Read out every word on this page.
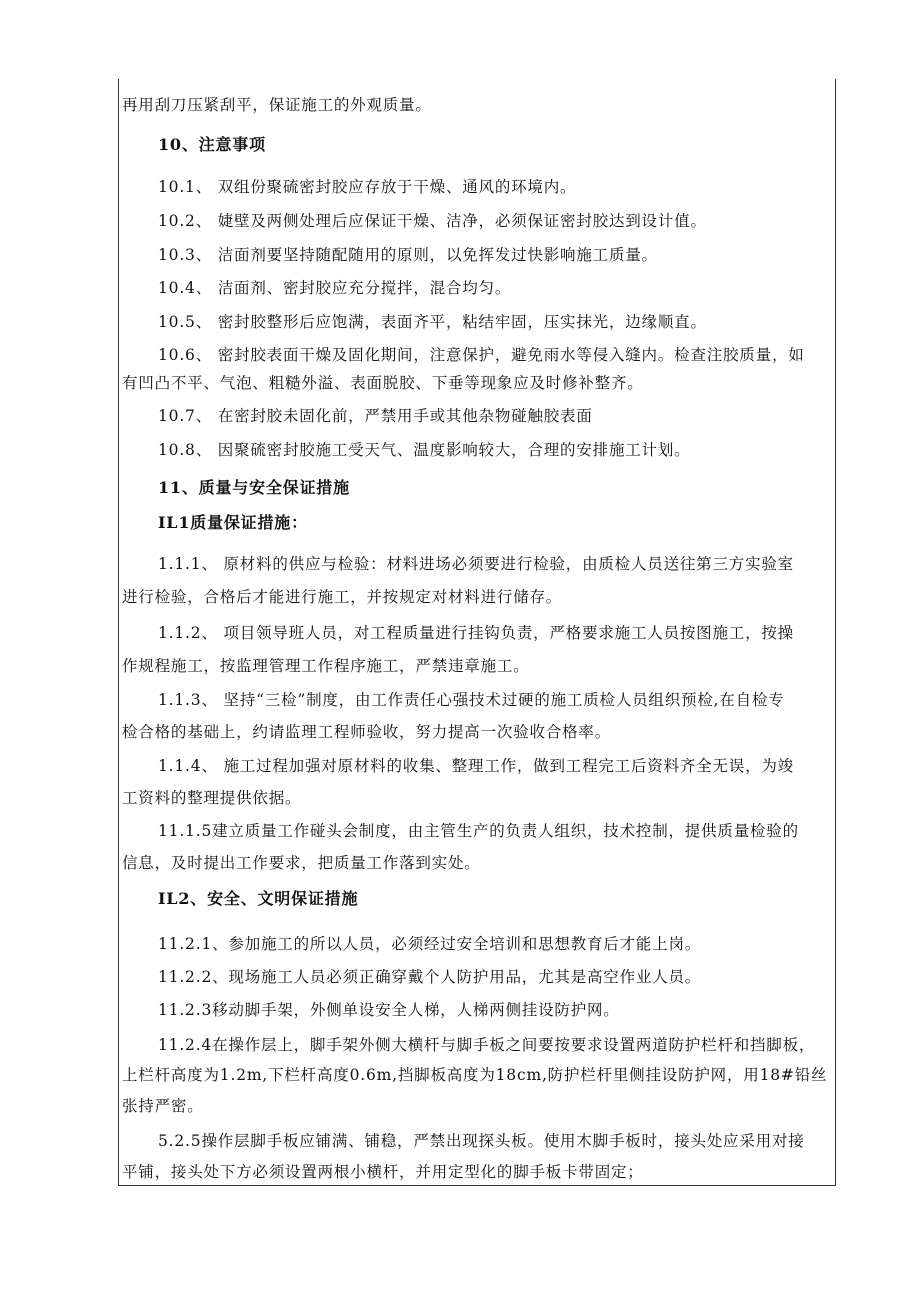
再用刮刀压紧刮平，保证施工的外观质量。
10、注意事项
10.1、 双组份聚硫密封胶应存放于干燥、通风的环境内。
10.2、 婕壁及两侧处理后应保证干燥、洁净，必须保证密封胶达到设计值。
10.3、 洁面剂要坚持随配随用的原则，以免挥发过快影响施工质量。
10.4、 洁面剂、密封胶应充分搅拌，混合均匀。
10.5、 密封胶整形后应饱满，表面齐平，粘结牢固，压实抹光，边缘顺直。
10.6、 密封胶表面干燥及固化期间，注意保护，避免雨水等侵入缝内。检查注胶质量，如
有凹凸不平、气泡、粗糙外溢、表面脱胶、下垂等现象应及时修补整齐。
10.7、 在密封胶未固化前，严禁用手或其他杂物碰触胶表面
10.8、 因聚硫密封胶施工受天气、温度影响较大，合理的安排施工计划。
11、质量与安全保证措施
IL1质量保证措施：
1.1.1、 原材料的供应与检验：材料进场必须要进行检验，由质检人员送往第三方实验室
进行检验，合格后才能进行施工，并按规定对材料进行储存。
1.1.2、 项目领导班人员，对工程质量进行挂钩负责，严格要求施工人员按图施工，按操
作规程施工，按监理管理工作程序施工，严禁违章施工。
1.1.3、 坚持“三检”制度，由工作责任心强技术过硬的施工质检人员组织预检,在自检专
检合格的基础上，约请监理工程师验收，努力提高一次验收合格率。
1.1.4、 施工过程加强对原材料的收集、整理工作，做到工程完工后资料齐全无误，为竣
工资料的整理提供依据。
11.1.5建立质量工作碰头会制度，由主管生产的负责人组织，技术控制，提供质量检验的
信息，及时提出工作要求，把质量工作落到实处。
IL2、安全、文明保证措施
11.2.1、参加施工的所以人员，必须经过安全培训和思想教育后才能上岗。
11.2.2、现场施工人员必须正确穿戴个人防护用品，尤其是高空作业人员。
11.2.3移动脚手架，外侧单设安全人梯，人梯两侧挂设防护网。
11.2.4在操作层上，脚手架外侧大横杆与脚手板之间要按要求设置两道防护栏杆和挡脚板，
上栏杆高度为1.2m,下栏杆高度0.6m,挡脚板高度为18cm,防护栏杆里侧挂设防护网，用18#铅丝
张持严密。
5.2.5操作层脚手板应铺满、铺稳，严禁出现探头板。使用木脚手板时，接头处应采用对接
平铺，接头处下方必须设置两根小横杆，并用定型化的脚手板卡带固定；
